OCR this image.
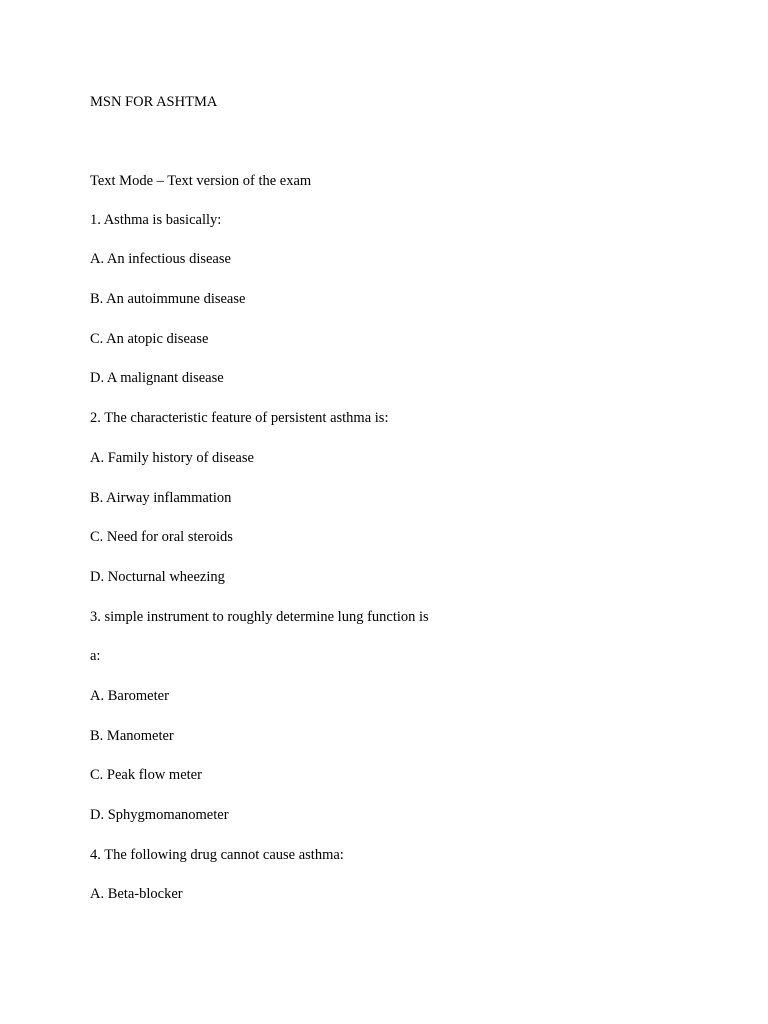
MSN FOR ASHTMA
Text Mode – Text version of the exam
1. Asthma is basically:
A. An infectious disease
B. An autoimmune disease
C. An atopic disease
D. A malignant disease
2. The characteristic feature of persistent asthma is:
A. Family history of disease
B. Airway inflammation
C. Need for oral steroids
D. Nocturnal wheezing
3. simple instrument to roughly determine lung function is
a:
A. Barometer
B. Manometer
C. Peak flow meter
D. Sphygmomanometer
4. The following drug cannot cause asthma:
A. Beta-blocker
